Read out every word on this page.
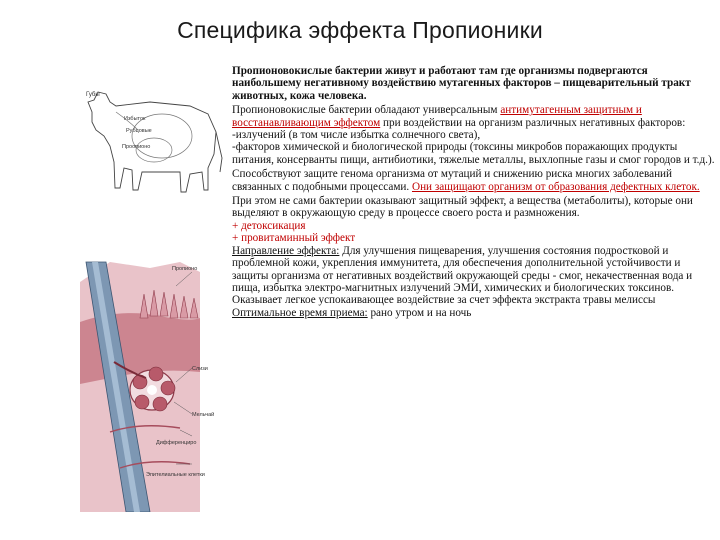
Специфика эффекта Пропионики
Губы
Избыток
Рубцовые
Проопионо
Пропионо
Слизи
Мельчай
Дифференциро
Эпителиальные клетки

Пропионовокислые бактерии живут и работают там где организмы подвергаются наибольшему негативному воздействию мутагенных факторов – пищеварительный тракт животных, кожа человека.

Пропионовокислые бактерии обладают универсальным антимутагенным защитным и восстанавливающим эффектом при воздействии на организм различных негативных факторов:

-излучений (в том числе избытка солнечного света),

-факторов химической и биологической природы (токсины микробов поражающих продукты питания, консерванты пищи, антибиотики, тяжелые металлы, выхлопные газы и смог городов и т.д.).

Способствуют защите генома организма от мутаций и снижению риска многих заболеваний связанных с подобными процессами. Они защищают организм от образования дефектных клеток.

При этом не сами бактерии оказывают защитный эффект, а вещества (метаболиты), которые они выделяют в окружающую среду в процессе своего роста и размножения.

+ детоксикация

+ провитаминный эффект

Направление эффекта: Для улучшения пищеварения, улучшения состояния подростковой и проблемной кожи, укрепления иммунитета, для обеспечения дополнительной устойчивости и защиты организма от негативных воздействий окружающей среды - смог, некачественная вода и пища, избытка электро-магнитных излучений ЭМИ, химических и биологических токсинов. Оказывает легкое успокаивающее воздействие за счет эффекта экстракта травы мелиссы

Оптимальное время приема: рано утром и на ночь
